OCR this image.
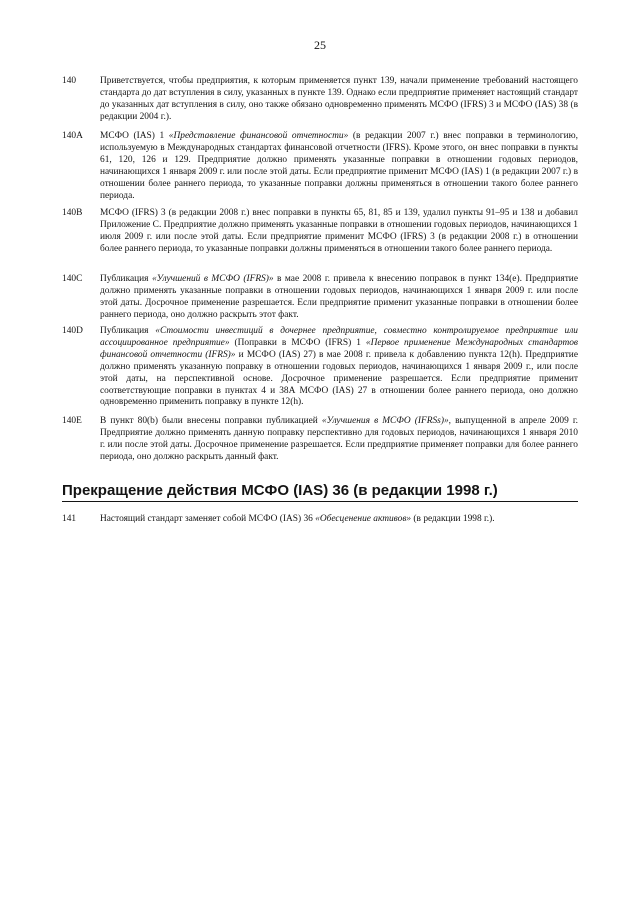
25
140	Приветствуется, чтобы предприятия, к которым применяется пункт 139, начали применение требований настоящего стандарта до дат вступления в силу, указанных в пункте 139. Однако если предприятие применяет настоящий стандарт до указанных дат вступления в силу, оно также обязано одновременно применять МСФО (IFRS) 3 и МСФО (IAS) 38 (в редакции 2004 г.).
140A	МСФО (IAS) 1 «Представление финансовой отчетности» (в редакции 2007 г.) внес поправки в терминологию, используемую в Международных стандартах финансовой отчетности (IFRS). Кроме этого, он внес поправки в пункты 61, 120, 126 и 129. Предприятие должно применять указанные поправки в отношении годовых периодов, начинающихся 1 января 2009 г. или после этой даты. Если предприятие применит МСФО (IAS) 1 (в редакции 2007 г.) в отношении более раннего периода, то указанные поправки должны применяться в отношении такого более раннего периода.
140B	МСФО (IFRS) 3 (в редакции 2008 г.) внес поправки в пункты 65, 81, 85 и 139, удалил пункты 91–95 и 138 и добавил Приложение С. Предприятие должно применять указанные поправки в отношении годовых периодов, начинающихся 1 июля 2009 г. или после этой даты. Если предприятие применит МСФО (IFRS) 3 (в редакции 2008 г.) в отношении более раннего периода, то указанные поправки должны применяться в отношении такого более раннего периода.
140C	Публикация «Улучшений в МСФО (IFRS)» в мае 2008 г. привела к внесению поправок в пункт 134(е). Предприятие должно применять указанные поправки в отношении годовых периодов, начинающихся 1 января 2009 г. или после этой даты. Досрочное применение разрешается. Если предприятие применит указанные поправки в отношении более раннего периода, оно должно раскрыть этот факт.
140D	Публикация «Стоимости инвестиций в дочернее предприятие, совместно контролируемое предприятие или ассоциированное предприятие» (Поправки в МСФО (IFRS) 1 «Первое применение Международных стандартов финансовой отчетности (IFRS)» и МСФО (IAS) 27) в мае 2008 г. привела к добавлению пункта 12(h). Предприятие должно применять указанную поправку в отношении годовых периодов, начинающихся 1 января 2009 г., или после этой даты, на перспективной основе. Досрочное применение разрешается. Если предприятие применит соответствующие поправки в пунктах 4 и 38А МСФО (IAS) 27 в отношении более раннего периода, оно должно одновременно применить поправку в пункте 12(h).
140E	В пункт 80(b) были внесены поправки публикацией «Улучшения в МСФО (IFRSs)», выпущенной в апреле 2009 г. Предприятие должно применять данную поправку перспективно для годовых периодов, начинающихся 1 января 2010 г. или после этой даты. Досрочное применение разрешается. Если предприятие применяет поправки для более раннего периода, оно должно раскрыть данный факт.
Прекращение действия МСФО (IAS) 36 (в редакции 1998 г.)
141	Настоящий стандарт заменяет собой МСФО (IAS) 36 «Обесценение активов» (в редакции 1998 г.).
